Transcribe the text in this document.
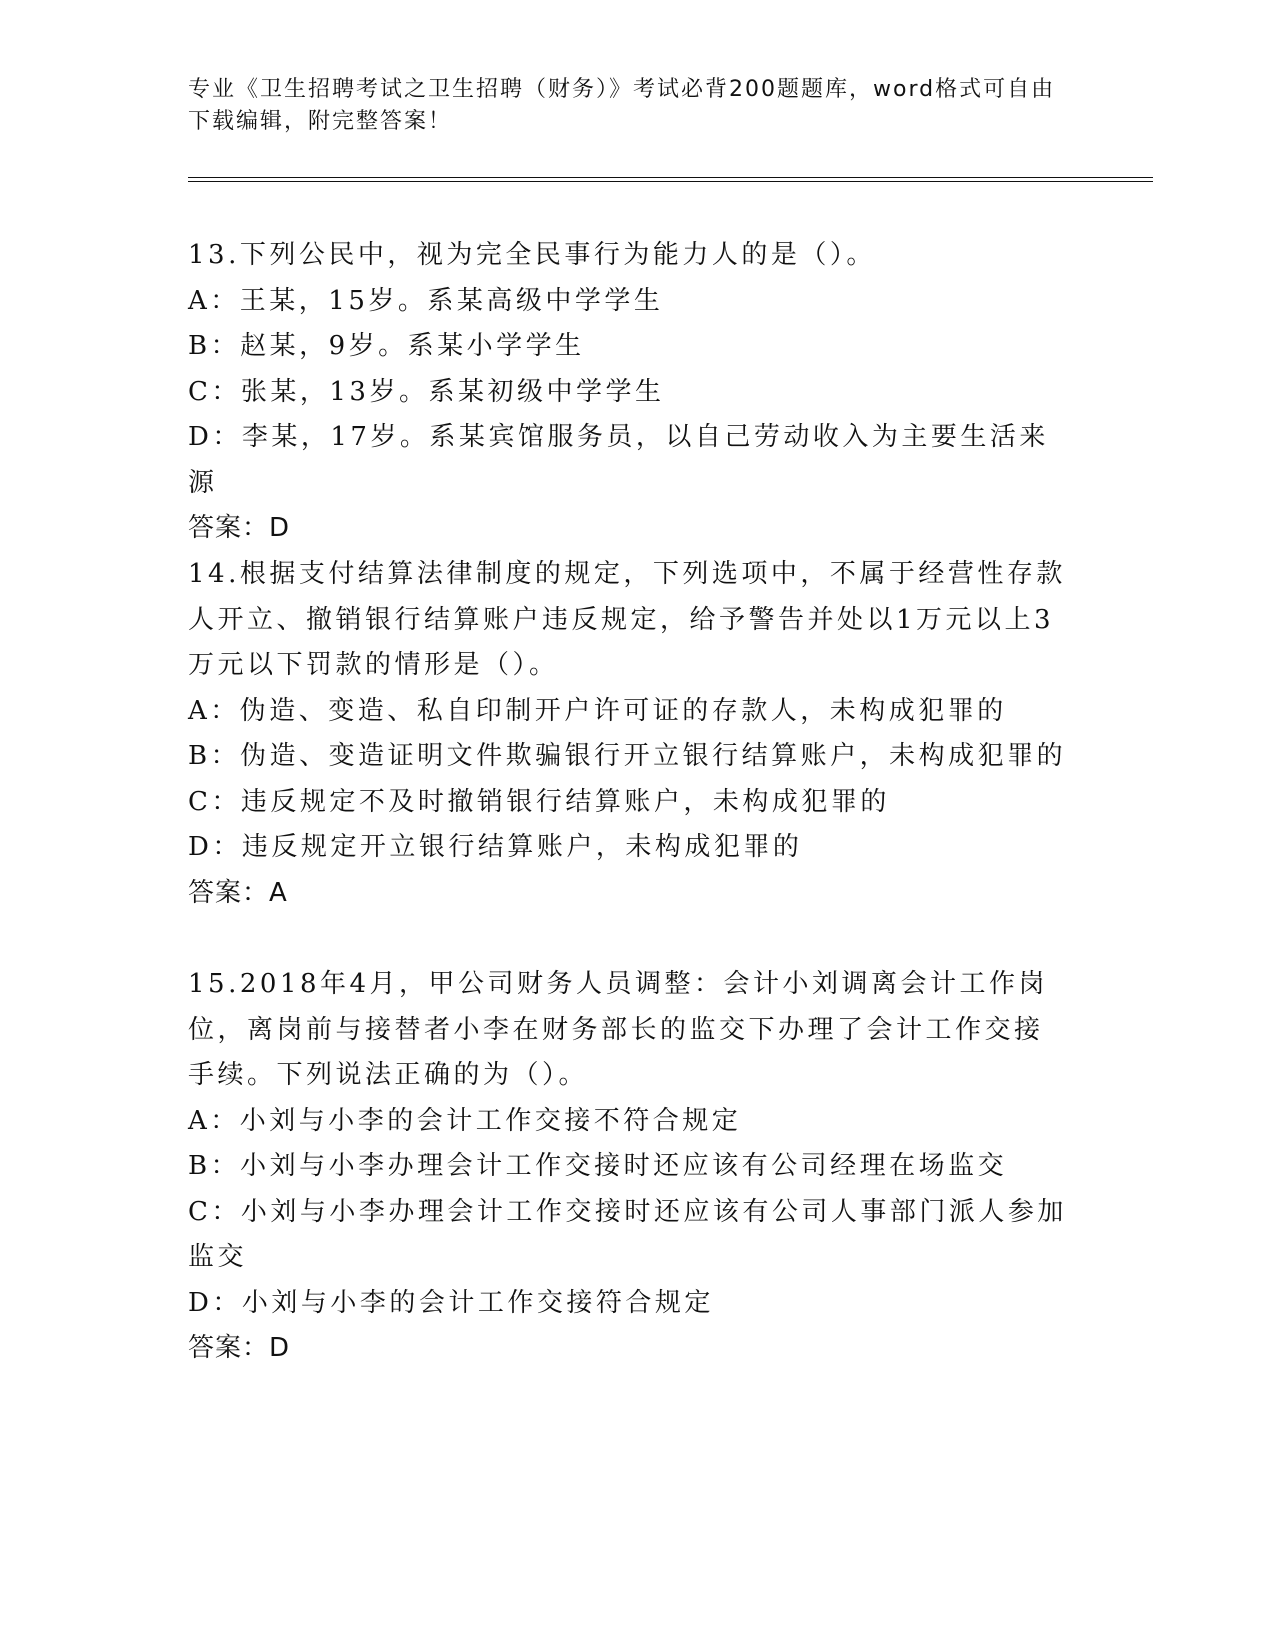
专业《卫生招聘考试之卫生招聘（财务）》考试必背200题题库，word格式可自由下载编辑，附完整答案！
13.下列公民中，视为完全民事行为能力人的是（）。
A：王某，15岁。系某高级中学学生
B：赵某，9岁。系某小学学生
C：张某，13岁。系某初级中学学生
D：李某，17岁。系某宾馆服务员，以自己劳动收入为主要生活来源
答案：D
14.根据支付结算法律制度的规定，下列选项中，不属于经营性存款人开立、撤销银行结算账户违反规定，给予警告并处以1万元以上3万元以下罚款的情形是（）。
A：伪造、变造、私自印制开户许可证的存款人，未构成犯罪的
B：伪造、变造证明文件欺骗银行开立银行结算账户，未构成犯罪的
C：违反规定不及时撤销银行结算账户，未构成犯罪的
D：违反规定开立银行结算账户，未构成犯罪的
答案：A
15.2018年4月，甲公司财务人员调整：会计小刘调离会计工作岗位，离岗前与接替者小李在财务部长的监交下办理了会计工作交接手续。下列说法正确的为（）。
A：小刘与小李的会计工作交接不符合规定
B：小刘与小李办理会计工作交接时还应该有公司经理在场监交
C：小刘与小李办理会计工作交接时还应该有公司人事部门派人参加监交
D：小刘与小李的会计工作交接符合规定
答案：D
